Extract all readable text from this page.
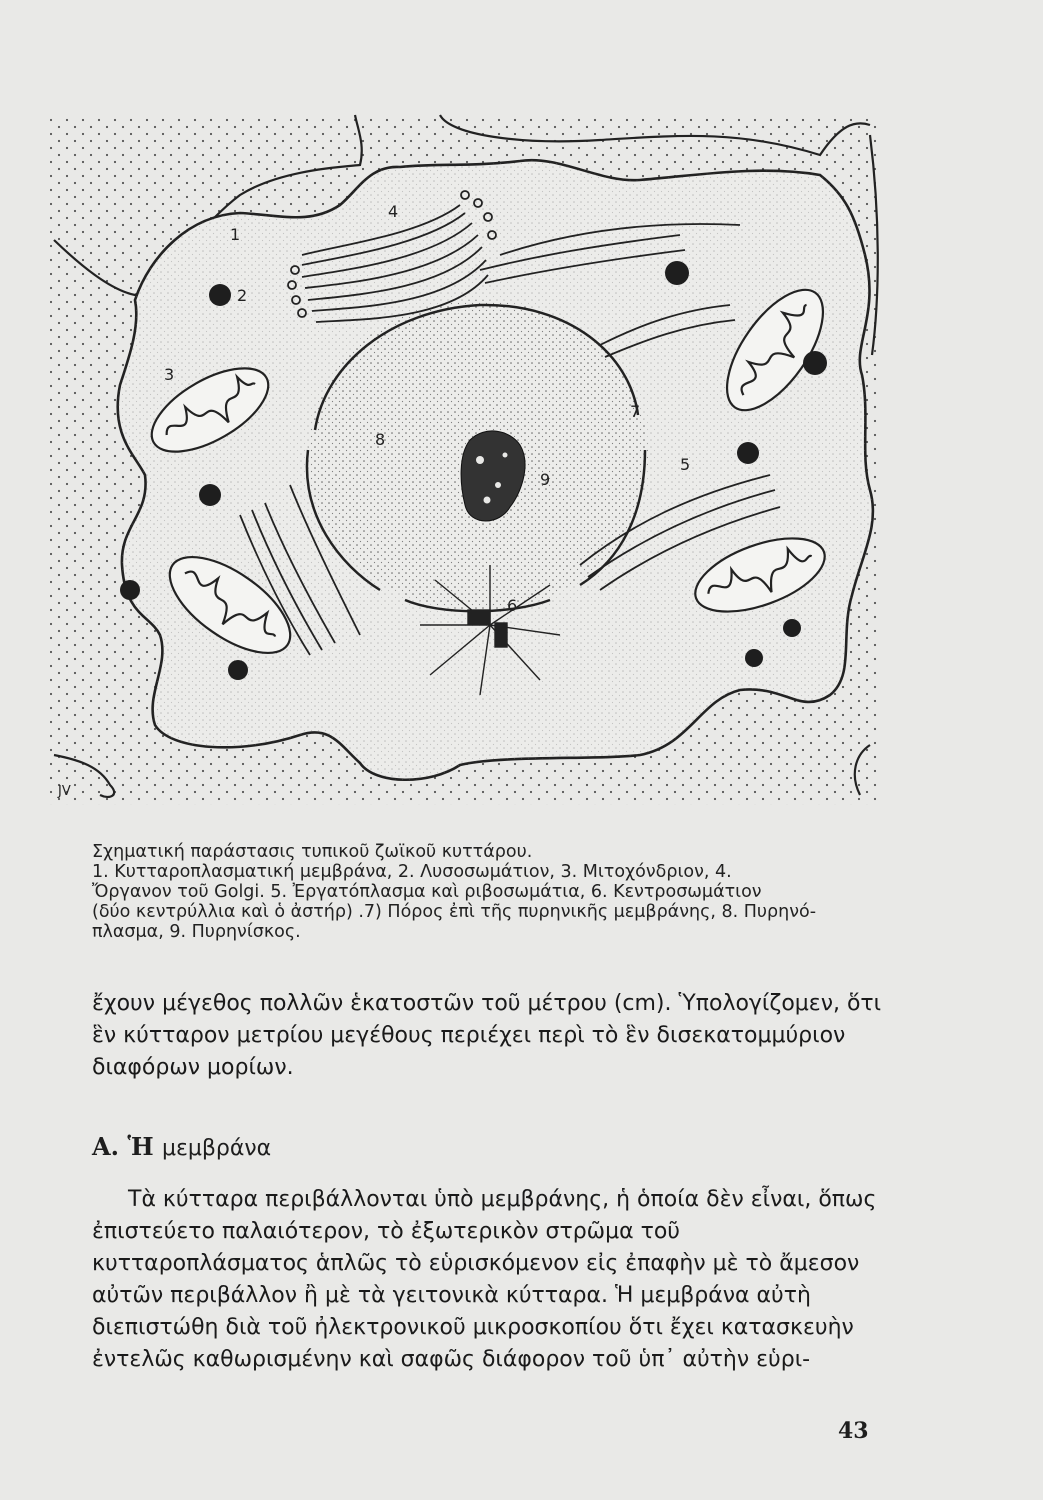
1
2
3
4
5
6
7
8
9
JV
Σχηματική παράστασις τυπικοῦ ζωϊκοῦ κυττάρου.
1. Κυτταροπλασματική μεμβράνα, 2. Λυσοσωμάτιον, 3. Μιτοχόνδριον, 4.
Ὄργανον τοῦ Golgi. 5. Ἐργατόπλασμα καὶ ριβοσωμάτια, 6. Κεντροσωμάτιον
(δύο κεντρύλλια καὶ ὁ ἀστήρ) .7) Πόρος ἐπὶ τῆς πυρηνικῆς μεμβράνης, 8. Πυρηνό-
πλασμα, 9. Πυρηνίσκος.

ἔχουν μέγεθος πολλῶν ἑκατοστῶν τοῦ μέτρου (cm). Ὑπολογίζομεν, ὅτι ἓν κύτταρον μετρίου μεγέθους περιέχει περὶ τὸ ἓν δισεκατομμύριον διαφόρων μορίων.

Α. Ἡ μεμβράνα

Τὰ κύτταρα περιβάλλονται ὑπὸ μεμβράνης, ἡ ὁποία δὲν εἶναι, ὅπως ἐπιστεύετο παλαιότερον, τὸ ἐξωτερικὸν στρῶμα τοῦ κυτταροπλάσματος ἁπλῶς τὸ εὑρισκόμενον εἰς ἐπαφὴν μὲ τὸ ἄμεσον αὐτῶν περιβάλλον ἢ μὲ τὰ γειτονικὰ κύτταρα. Ἡ μεμβράνα αὐτὴ διεπιστώθη διὰ τοῦ ἠλεκτρονικοῦ μικροσκοπίου ὅτι ἔχει κατασκευὴν ἐντελῶς καθωρισμένην καὶ σαφῶς διάφορον τοῦ ὑπ᾿ αὐτὴν εὑρι-

43
